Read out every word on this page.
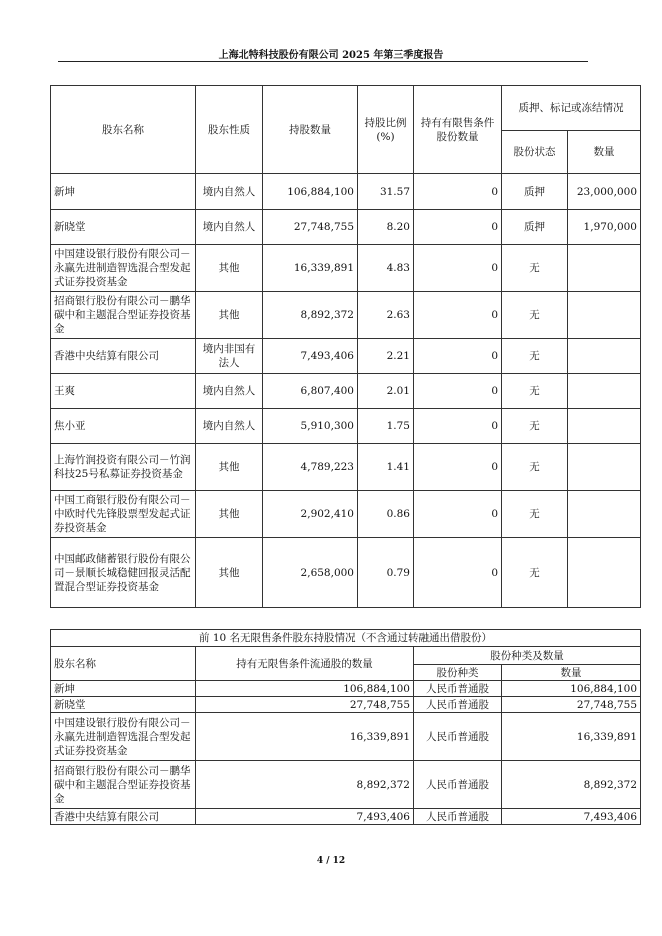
上海北特科技股份有限公司 2025 年第三季度报告
股东名称	股东性质	持股数量	持股比例(%)	持有有限售条件股份数量	质押、标记或冻结情况	
					股份状态	数量
新坤	境内自然人	106,884,100	31.57	0	质押	23,000,000
新晓堂	境内自然人	27,748,755	8.20	0	质押	1,970,000
中国建设银行股份有限公司－永赢先进制造智选混合型发起式证券投资基金	其他	16,339,891	4.83	0	无	
招商银行股份有限公司－鹏华碳中和主题混合型证券投资基金	其他	8,892,372	2.63	0	无	
香港中央结算有限公司	境内非国有法人	7,493,406	2.21	0	无	
王爽	境内自然人	6,807,400	2.01	0	无	
焦小亚	境内自然人	5,910,300	1.75	0	无	
上海竹润投资有限公司－竹润科技25号私募证券投资基金	其他	4,789,223	1.41	0	无	
中国工商银行股份有限公司－中欧时代先锋股票型发起式证券投资基金	其他	2,902,410	0.86	0	无	
中国邮政储蓄银行股份有限公司－景顺长城稳健回报灵活配置混合型证券投资基金	其他	2,658,000	0.79	0	无	
前 10 名无限售条件股东持股情况（不含通过转融通出借股份）			
股东名称	持有无限售条件流通股的数量	股份种类及数量	
		股份种类	数量
新坤	106,884,100	人民币普通股	106,884,100
新晓堂	27,748,755	人民币普通股	27,748,755
中国建设银行股份有限公司－永赢先进制造智选混合型发起式证券投资基金	16,339,891	人民币普通股	16,339,891
招商银行股份有限公司－鹏华碳中和主题混合型证券投资基金	8,892,372	人民币普通股	8,892,372
香港中央结算有限公司	7,493,406	人民币普通股	7,493,406
4 / 12
